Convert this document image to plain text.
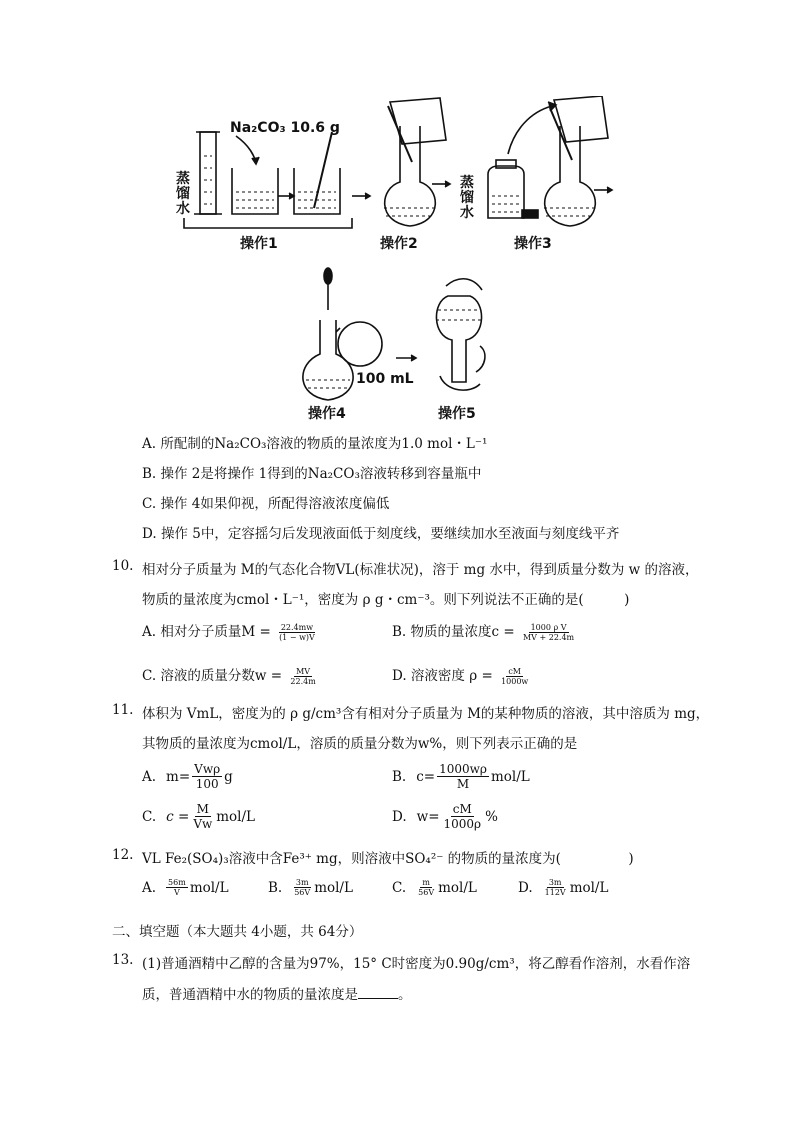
Na₂CO₃ 10.6 g
蒸馏水
蒸馏水
操作1	操作2	操作3
100 mL
操作4	操作5
A. 所配制的Na₂CO₃溶液的物质的量浓度为1.0 mol・L⁻¹
B. 操作 2是将操作 1得到的Na₂CO₃溶液转移到容量瓶中
C. 操作 4如果仰视，所配得溶液浓度偏低
D. 操作 5中，定容摇匀后发现液面低于刻度线，要继续加水至液面与刻度线平齐
10. 相对分子质量为 M的气态化合物VL(标准状况)，溶于 mg 水中，得到质量分数为 w 的溶液，
物质的量浓度为cmol・L⁻¹，密度为 ρ g・cm⁻³。则下列说法不正确的是(　　　)
A. 相对分子质量$M = \frac{22.4mw}{(1 - w)V}$	B. 物质的量浓度$c = \frac{\text{1000 ρ V}}{MV + 22.4m}$
C. 溶液的质量分数$w = \frac{MV}{22.4m}$	D. 溶液密度 $\rho = \frac{cM}{1000w}$
11. 体积为 VmL，密度为的 ρ g/cm³含有相对分子质量为 M的某种物质的溶液，其中溶质为 mg，
其物质的量浓度为cmol/L，溶质的质量分数为w%，则下列表示正确的是
A. $m= \frac{\text{Vwρ}}{100}$ g	B. $c= \frac{1000w\rho}{M} mol/L$
C. $c = \frac{M}{Vw} mol/L$	D. $w= \frac{cM}{1000\rho}$ %
12. VL Fe₂(SO₄)₃溶液中含Fe³⁺ mg，则溶液中SO₄²⁻ 的物质的量浓度为(　　　　　)
A. $\frac{56m}{V} mol/L$	B. $\frac{3m}{56V} mol/L$	C. $\frac{m}{56V} mol/L$	D. $\frac{3m}{112V} mol/L$
二、填空题（本大题共 4小题，共 64分）
13. (1)普通酒精中乙醇的含量为97%，15° C时密度为0.90g/cm³，将乙醇看作溶剂，水看作溶
质，普通酒精中水的物质的量浓度是	。
